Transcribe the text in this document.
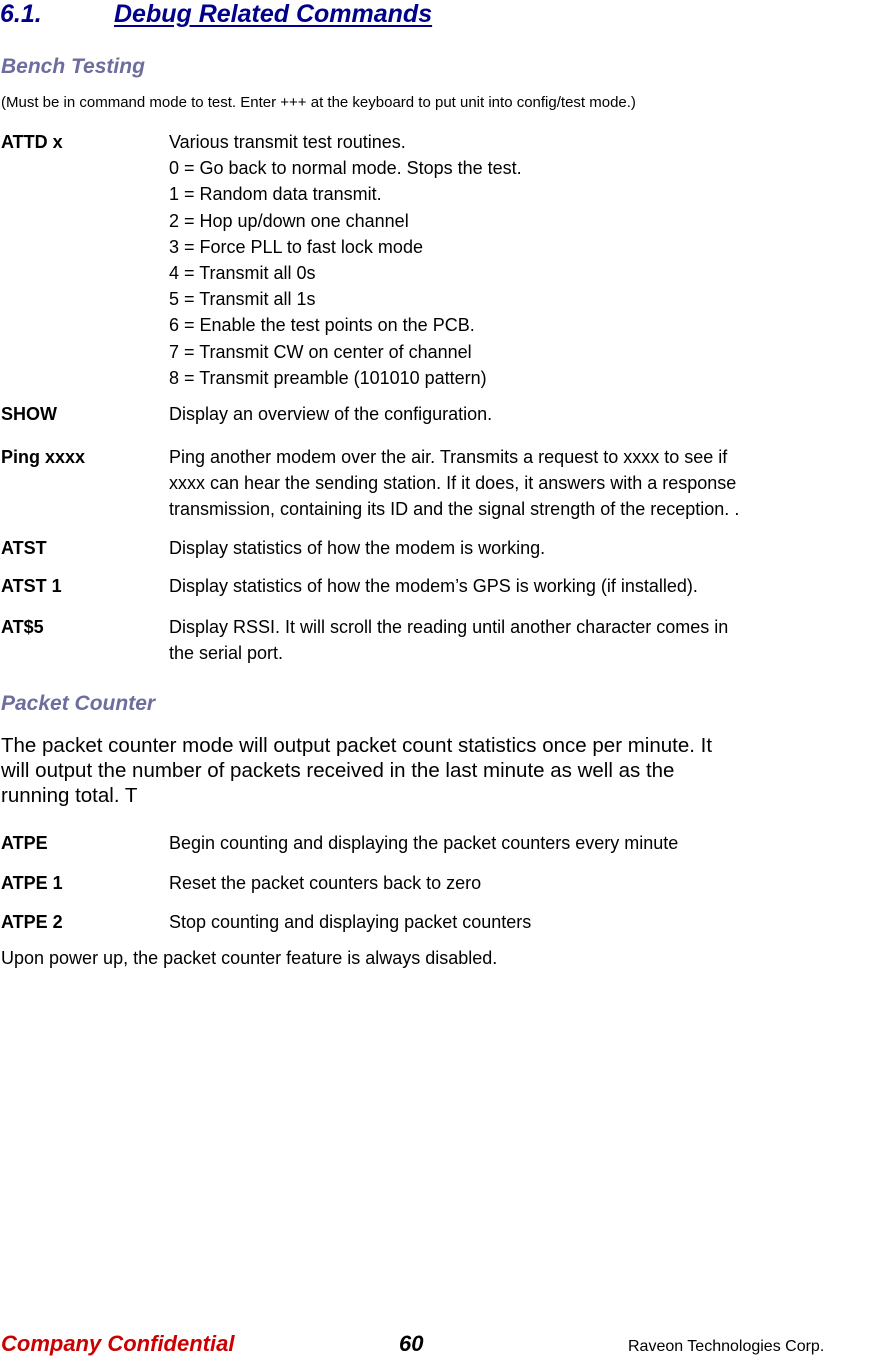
6.1.	Debug Related Commands
Bench Testing
(Must be in command mode to test. Enter +++ at the keyboard to put unit into config/test mode.)
ATTD x	Various transmit test routines.
0 = Go back to normal mode. Stops the test.
1 = Random data transmit.
2 = Hop up/down one channel
3 = Force PLL to fast lock mode
4 = Transmit all 0s
5 = Transmit all 1s
6 = Enable the test points on the PCB.
7 = Transmit CW on center of channel
8 = Transmit preamble (101010 pattern)
SHOW	Display an overview of the configuration.
Ping xxxx	Ping another modem over the air. Transmits a request to xxxx to see if
xxxx can hear the sending station. If it does, it answers with a response
transmission, containing its ID and the signal strength of the reception. .
ATST	Display statistics of how the modem is working.
ATST 1	Display statistics of how the modem’s GPS is working (if installed).
AT$5	Display RSSI. It will scroll the reading until another character comes in
the serial port.
Packet Counter
The packet counter mode will output packet count statistics once per minute. It
will output the number of packets received in the last minute as well as the
running total. T
ATPE	Begin counting and displaying the packet counters every minute
ATPE 1	Reset the packet counters back to zero
ATPE 2	Stop counting and displaying packet counters
Upon power up, the packet counter feature is always disabled.
Company Confidential	60	Raveon Technologies Corp.
